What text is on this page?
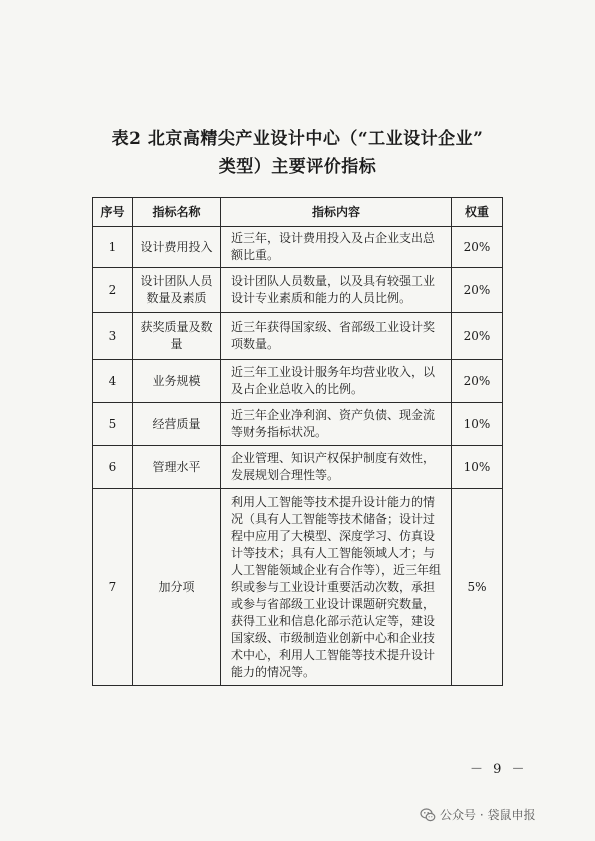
表2 北京高精尖产业设计中心（“工业设计企业”
类型）主要评价指标
序号	指标名称	指标内容	权重
1	设计费用投入	近三年，设计费用投入及占企业支出总额比重。	20%
2	设计团队人员数量及素质	设计团队人员数量，以及具有较强工业设计专业素质和能力的人员比例。	20%
3	获奖质量及数量	近三年获得国家级、省部级工业设计奖项数量。	20%
4	业务规模	近三年工业设计服务年均营业收入，以及占企业总收入的比例。	20%
5	经营质量	近三年企业净利润、资产负债、现金流等财务指标状况。	10%
6	管理水平	企业管理、知识产权保护制度有效性，发展规划合理性等。	10%
7	加分项	利用人工智能等技术提升设计能力的情况（具有人工智能等技术储备；设计过程中应用了大模型、深度学习、仿真设计等技术；具有人工智能领域人才；与人工智能领域企业有合作等），近三年组织或参与工业设计重要活动次数，承担或参与省部级工业设计课题研究数量，获得工业和信息化部示范认定等，建设国家级、市级制造业创新中心和企业技术中心，利用人工智能等技术提升设计能力的情况等。	5%
－ 9 －
公众号 · 袋鼠申报
